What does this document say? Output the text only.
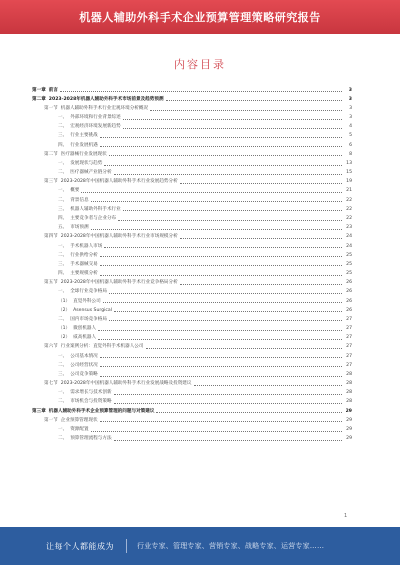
机器人辅助外科手术企业预算管理策略研究报告
内容目录
第一章 前言	3
第二章 2023-2028年机器人辅助外科手术市场前景及趋势预测	3
第一节 机器人辅助外科手术行业宏观环境分析概况	3
一、 外部环境和行业背景综述	3
二、 宏观经济环境发展新趋势	4
三、 行业主要挑战	5
四、 行业发展机遇	6
第二节 医疗器械行业发展现状	8
一、 发展现状与趋势	13
二、 医疗器械产业链分析	15
第三节 2023-2028年中国机器人辅助外科手术行业发展趋势分析	19
一、 概要	21
二、 背景信息	22
三、 机器人辅助外科手术行业	22
四、 主要竞争者与企业分布	22
五、 市场预测	23
第四节 2023-2028年中国机器人辅助外科手术行业市场规模分析	24
一、 手术机器人市场	24
二、 行业供给分析	25
三、 手术器械交易	25
四、 主要规模分析	25
第五节 2023-2028年中国机器人辅助外科手术行业竞争格局分析	26
一、 全球行业竞争格局	26
（1） 直觉外科公司	26
（2） Asensus Surgical	26
二、 国内市场竞争格局	27
（1） 微创机器人	27
（2） 威高机器人	27
第六节 行业案例分析：直觉外科手术机器人公司	27
一、 公司基本情况	27
二、 公司经营状况	27
三、 公司竞争策略	28
第七节 2023-2028年中国机器人辅助外科手术行业发展战略及投资建议	28
一、 需求增长与技术创新	28
二、 市场机会与投资策略	28
第三章 机器人辅助外科手术企业预算管理的问题与对策建议	29
第一节 企业预算管理现状	29
一、 资源配置	29
二、 预算管理流程与方法	29
1
让每个人都能成为	行业专家、管理专家、营销专家、战略专家、运营专家……
